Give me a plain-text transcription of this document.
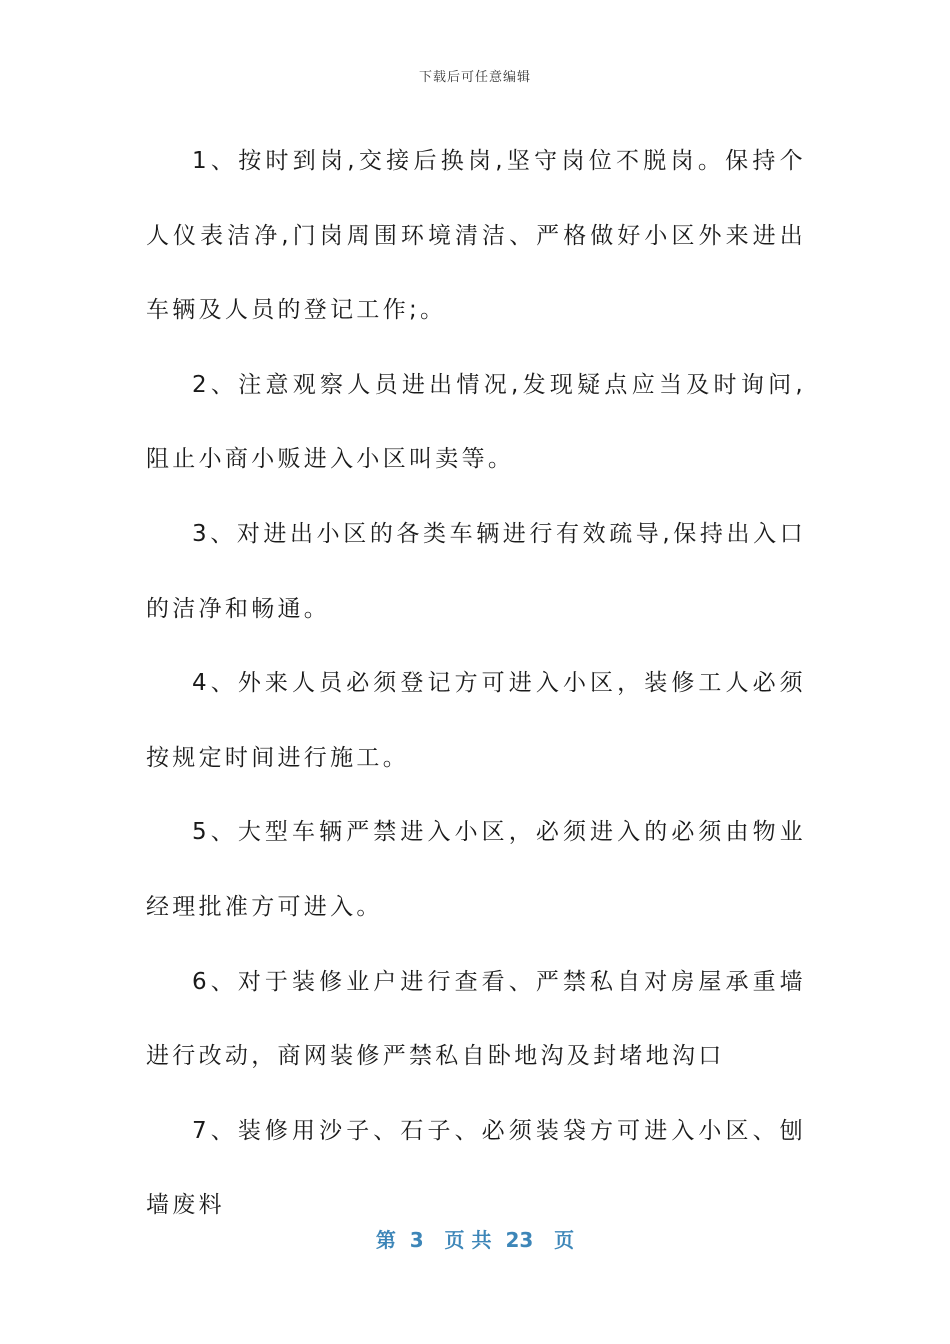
下载后可任意编辑

1、按时到岗,交接后换岗,坚守岗位不脱岗。保持个人仪表洁净,门岗周围环境清洁、严格做好小区外来进出车辆及人员的登记工作;。

2、注意观察人员进出情况,发现疑点应当及时询问,阻止小商小贩进入小区叫卖等。

3、对进出小区的各类车辆进行有效疏导,保持出入口的洁净和畅通。

4、外来人员必须登记方可进入小区，装修工人必须按规定时间进行施工。

5、大型车辆严禁进入小区，必须进入的必须由物业经理批准方可进入。

6、对于装修业户进行查看、严禁私自对房屋承重墙进行改动，商网装修严禁私自卧地沟及封堵地沟口

7、装修用沙子、石子、必须装袋方可进入小区、刨墙废料

第  3   页 共  23   页
